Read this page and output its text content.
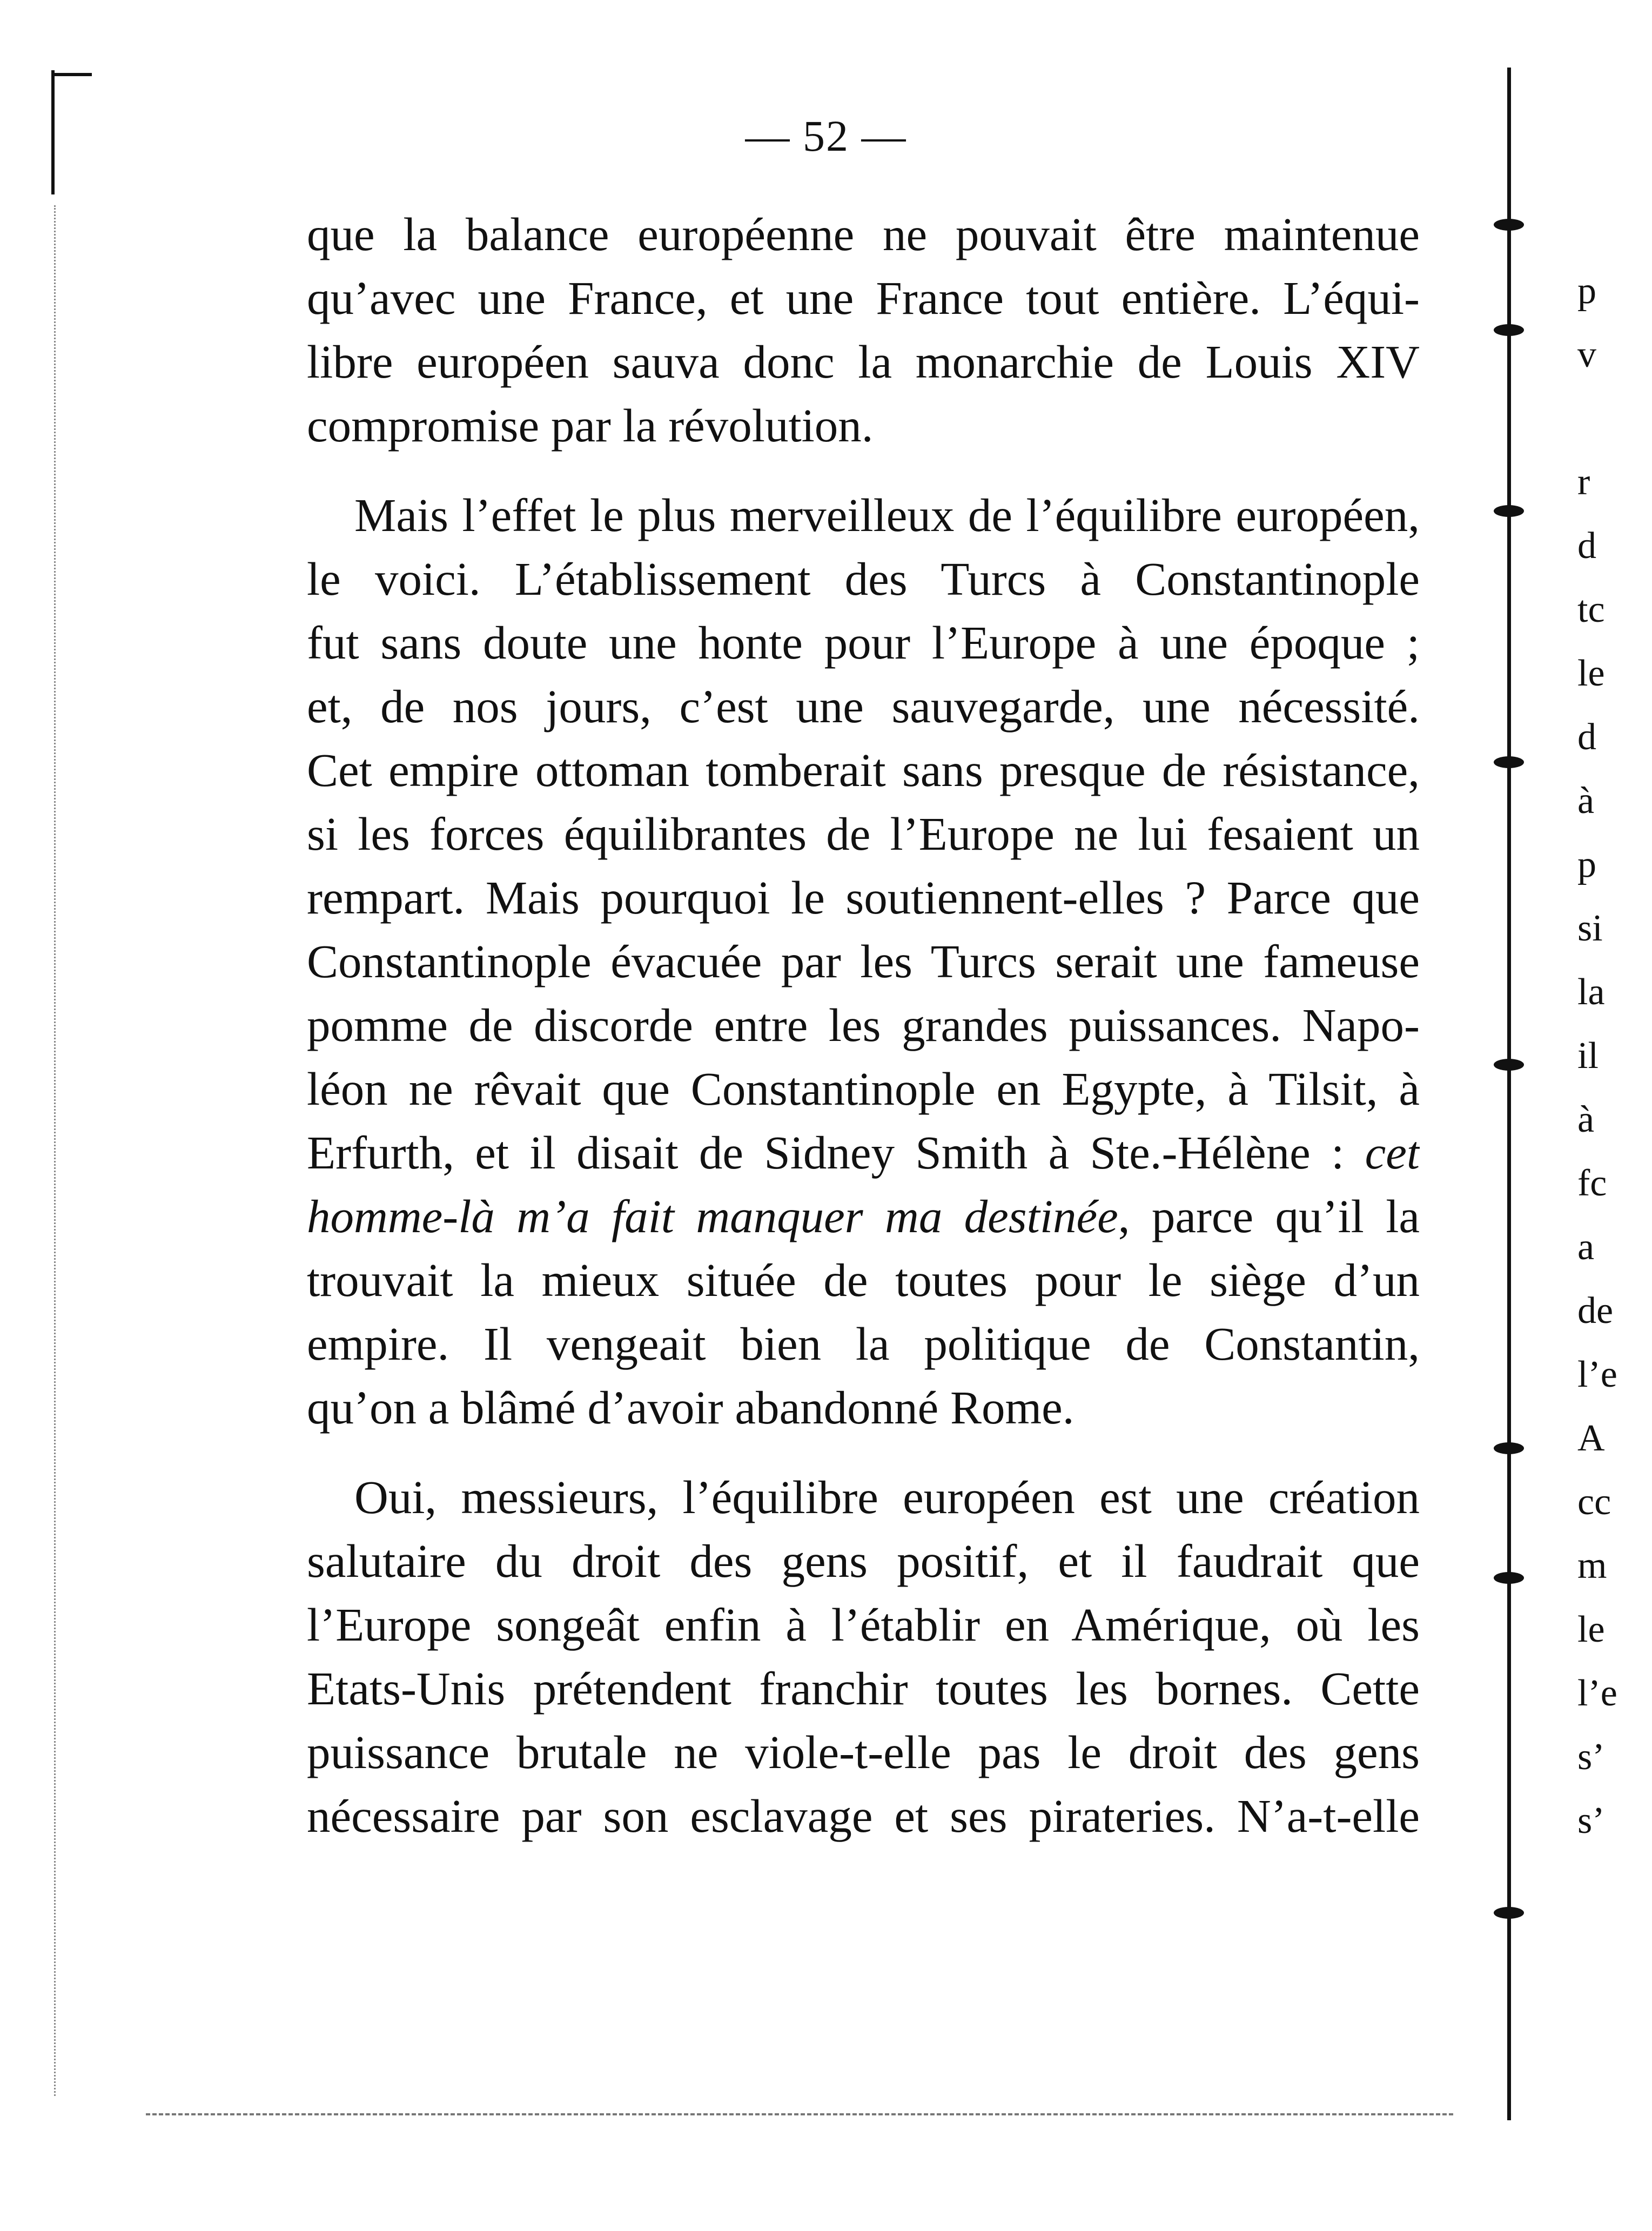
— 52 —

que la balance européenne ne pouvait être maintenue
qu’avec une France, et une France tout entière. L’équi-
libre européen sauva donc la monarchie de Louis XIV
compromise par la révolution.

Mais l’effet le plus merveilleux de l’équilibre européen,
le voici. L’établissement des Turcs à Constantinople
fut sans doute une honte pour l’Europe à une époque ;
et, de nos jours, c’est une sauvegarde, une nécessité.
Cet empire ottoman tomberait sans presque de résistance,
si les forces équilibrantes de l’Europe ne lui fesaient un
rempart. Mais pourquoi le soutiennent-elles ? Parce que
Constantinople évacuée par les Turcs serait une fameuse
pomme de discorde entre les grandes puissances. Napo-
léon ne rêvait que Constantinople en Egypte, à Tilsit, à
Erfurth, et il disait de Sidney Smith à Ste.-Hélène : cet
homme-là m’a fait manquer ma destinée, parce qu’il la
trouvait la mieux située de toutes pour le siège d’un
empire. Il vengeait bien la politique de Constantin,
qu’on a blâmé d’avoir abandonné Rome.

Oui, messieurs, l’équilibre européen est une création
salutaire du droit des gens positif, et il faudrait que
l’Europe songeât enfin à l’établir en Amérique, où les
Etats-Unis prétendent franchir toutes les bornes. Cette
puissance brutale ne viole-t-elle pas le droit des gens
nécessaire par son esclavage et ses pirateries. N’a-t-elle

p
v

r
d
tc
le
d
à
p
si
la
il
à
fc
a
de
l’e
A
cc
m
le
l’e
s’
s’
